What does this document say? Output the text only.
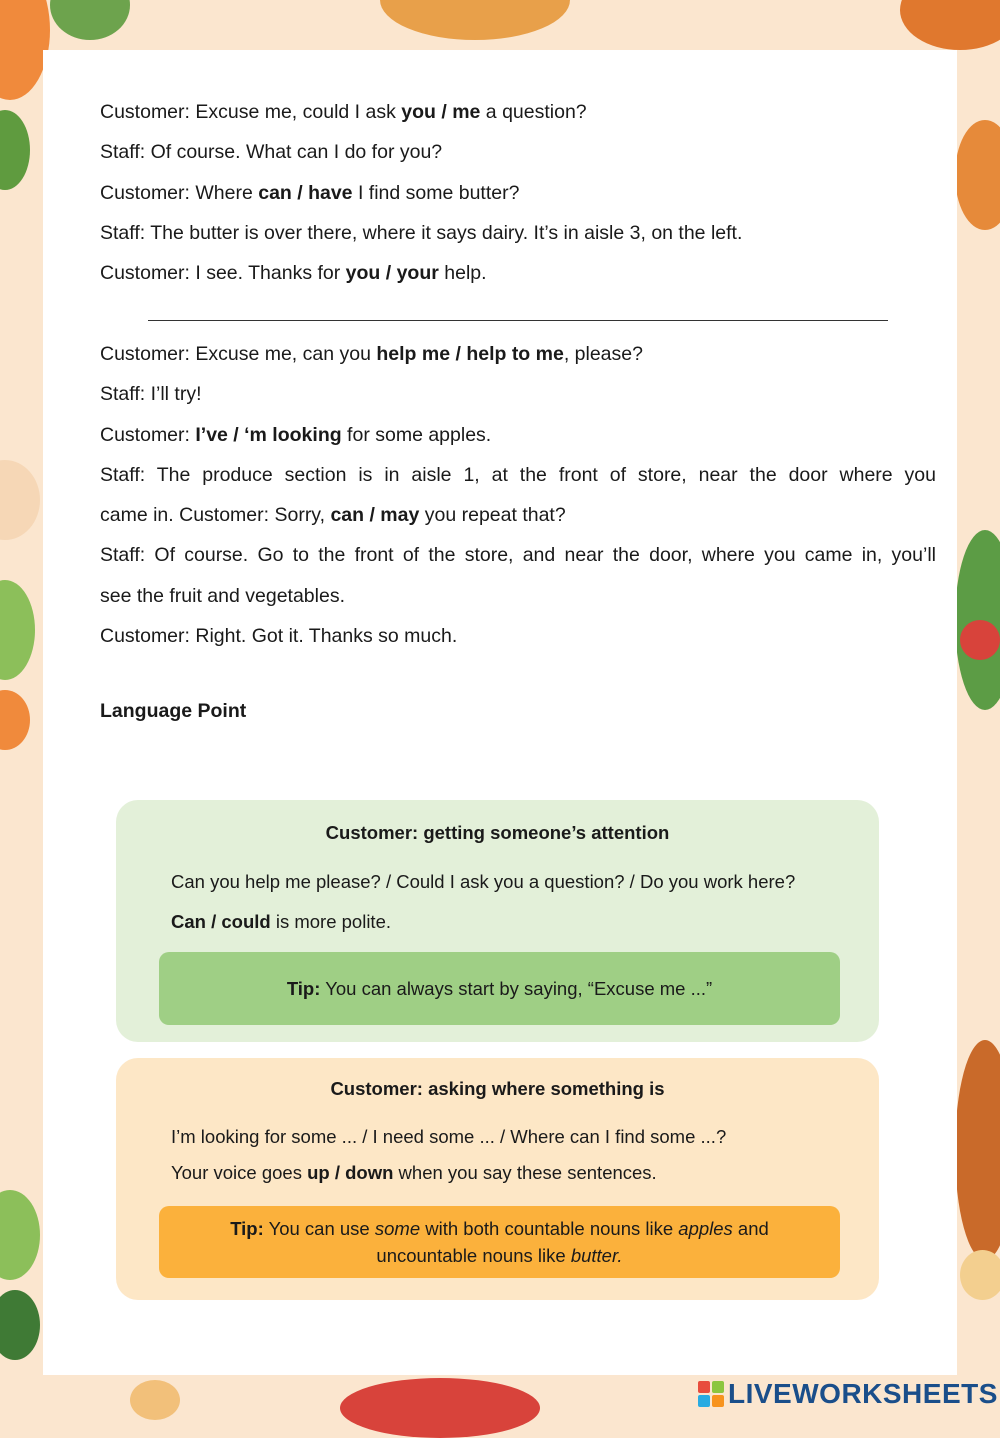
Customer: Excuse me, could I ask you / me a question?
Staff: Of course. What can I do for you?
Customer: Where can / have I find some butter?
Staff: The butter is over there, where it says dairy. It’s in aisle 3, on the left.
Customer: I see. Thanks for you / your help.
Customer: Excuse me, can you help me / help to me, please?
Staff: I’ll try!
Customer: I’ve / ‘m looking for some apples.
Staff: The produce section is in aisle 1, at the front of store, near the door where you
came in. Customer: Sorry, can / may you repeat that?
Staff: Of course. Go to the front of the store, and near the door, where you came in, you’ll
see the fruit and vegetables.
Customer: Right. Got it. Thanks so much.
Language Point
Customer: getting someone’s attention
Can you help me please? / Could I ask you a question? / Do you work here?
Can / could is more polite.
Tip: You can always start by saying, “Excuse me ...”
Customer: asking where something is
I’m looking for some ... / I need some ... / Where can I find some ...?
Your voice goes up / down when you say these sentences.
Tip: You can use some with both countable nouns like apples and
uncountable nouns like butter.
LIVEWORKSHEETS
